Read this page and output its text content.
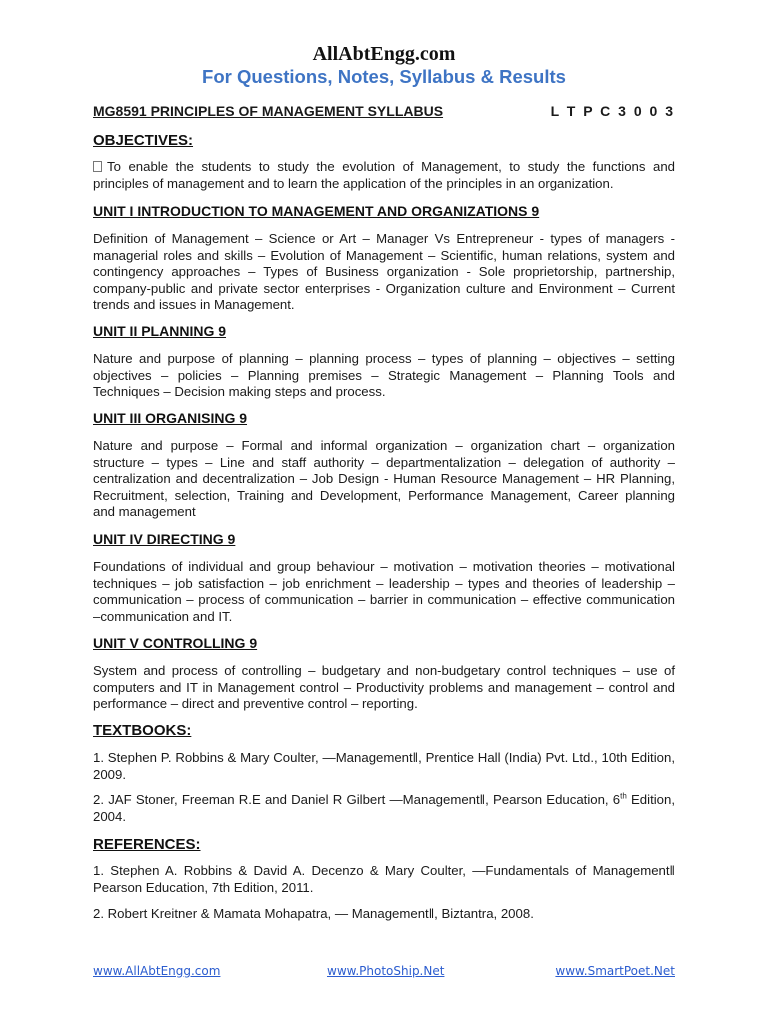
AllAbtEngg.com
For Questions, Notes, Syllabus & Results
MG8591 PRINCIPLES OF MANAGEMENT SYLLABUS	L T P C 3 0 0 3
OBJECTIVES:

To enable the students to study the evolution of Management, to study the functions and principles of management and to learn the application of the principles in an organization.

UNIT I INTRODUCTION TO MANAGEMENT AND ORGANIZATIONS 9

Definition of Management – Science or Art – Manager Vs Entrepreneur - types of managers - managerial roles and skills – Evolution of Management – Scientific, human relations, system and contingency approaches – Types of Business organization - Sole proprietorship, partnership, company-public and private sector enterprises - Organization culture and Environment – Current trends and issues in Management.

UNIT II PLANNING 9

Nature and purpose of planning – planning process – types of planning – objectives – setting objectives – policies – Planning premises – Strategic Management – Planning Tools and Techniques – Decision making steps and process.

UNIT III ORGANISING 9

Nature and purpose – Formal and informal organization – organization chart – organization structure – types – Line and staff authority – departmentalization – delegation of authority – centralization and decentralization – Job Design - Human Resource Management – HR Planning, Recruitment, selection, Training and Development, Performance Management, Career planning and management

UNIT IV DIRECTING 9

Foundations of individual and group behaviour – motivation – motivation theories – motivational techniques – job satisfaction – job enrichment – leadership – types and theories of leadership – communication – process of communication – barrier in communication – effective communication –communication and IT.

UNIT V CONTROLLING 9

System and process of controlling – budgetary and non-budgetary control techniques – use of computers and IT in Management control – Productivity problems and management – control and performance – direct and preventive control – reporting.

TEXTBOOKS:

1. Stephen P. Robbins & Mary Coulter, ―Management‖, Prentice Hall (India) Pvt. Ltd., 10th Edition, 2009.

2. JAF Stoner, Freeman R.E and Daniel R Gilbert ―Management‖, Pearson Education, 6th Edition, 2004.

REFERENCES:

1. Stephen A. Robbins & David A. Decenzo & Mary Coulter, ―Fundamentals of Management‖ Pearson Education, 7th Edition, 2011.

2. Robert Kreitner & Mamata Mohapatra, ― Management‖, Biztantra, 2008.

www.AllAbtEngg.com	www.PhotoShip.Net	www.SmartPoet.Net
